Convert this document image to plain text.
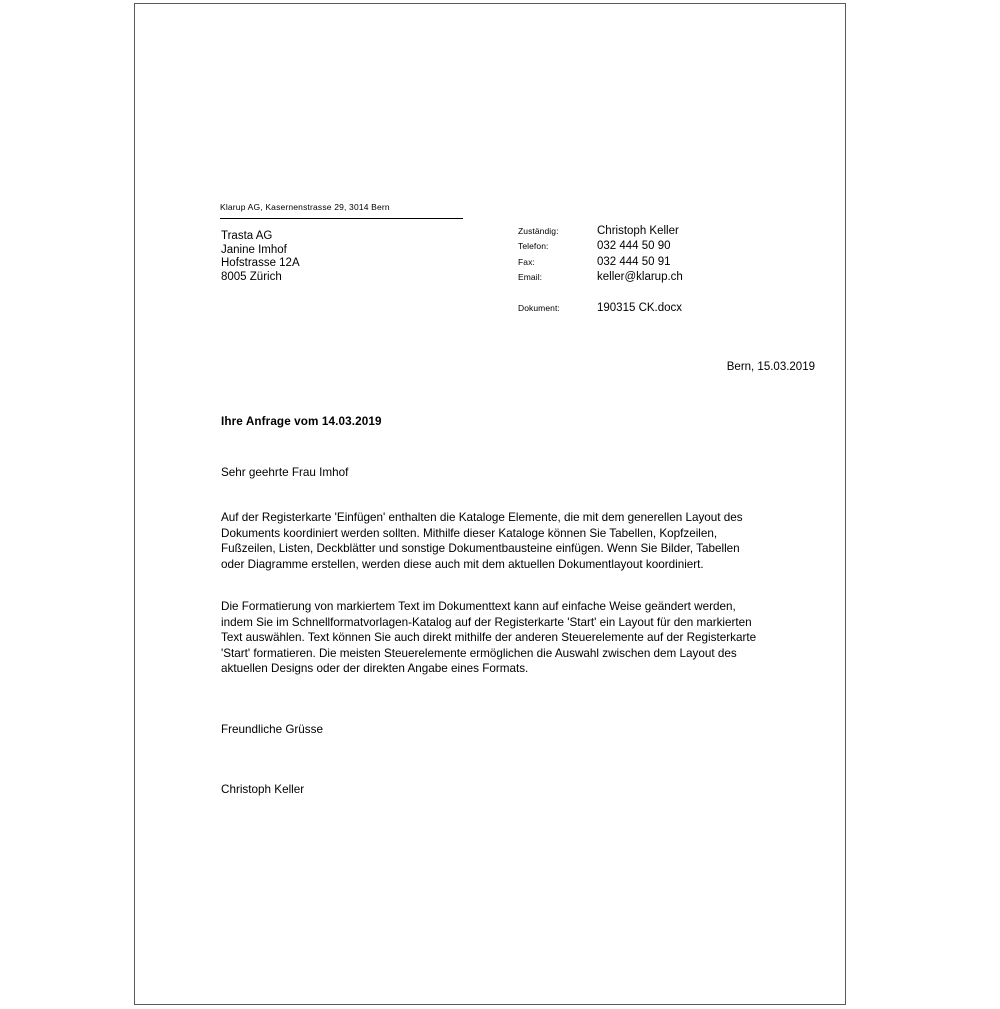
Klarup AG, Kasernenstrasse 29, 3014 Bern
Trasta AG
Janine Imhof
Hofstrasse 12A
8005 Zürich
Zuständig:	Christoph Keller
Telefon:	032 444 50 90
Fax:	032 444 50 91
Email:	keller@klarup.ch

Dokument:	190315 CK.docx
Bern, 15.03.2019
Ihre Anfrage vom 14.03.2019
Sehr geehrte Frau Imhof
Auf der Registerkarte 'Einfügen' enthalten die Kataloge Elemente, die mit dem generellen Layout des Dokuments koordiniert werden sollten. Mithilfe dieser Kataloge können Sie Tabellen, Kopfzeilen, Fußzeilen, Listen, Deckblätter und sonstige Dokumentbausteine einfügen. Wenn Sie Bilder, Tabellen oder Diagramme erstellen, werden diese auch mit dem aktuellen Dokumentlayout koordiniert.
Die Formatierung von markiertem Text im Dokumenttext kann auf einfache Weise geändert werden, indem Sie im Schnellformatvorlagen-Katalog auf der Registerkarte 'Start' ein Layout für den markierten Text auswählen. Text können Sie auch direkt mithilfe der anderen Steuerelemente auf der Registerkarte 'Start' formatieren. Die meisten Steuerelemente ermöglichen die Auswahl zwischen dem Layout des aktuellen Designs oder der direkten Angabe eines Formats.
Freundliche Grüsse
Christoph Keller
